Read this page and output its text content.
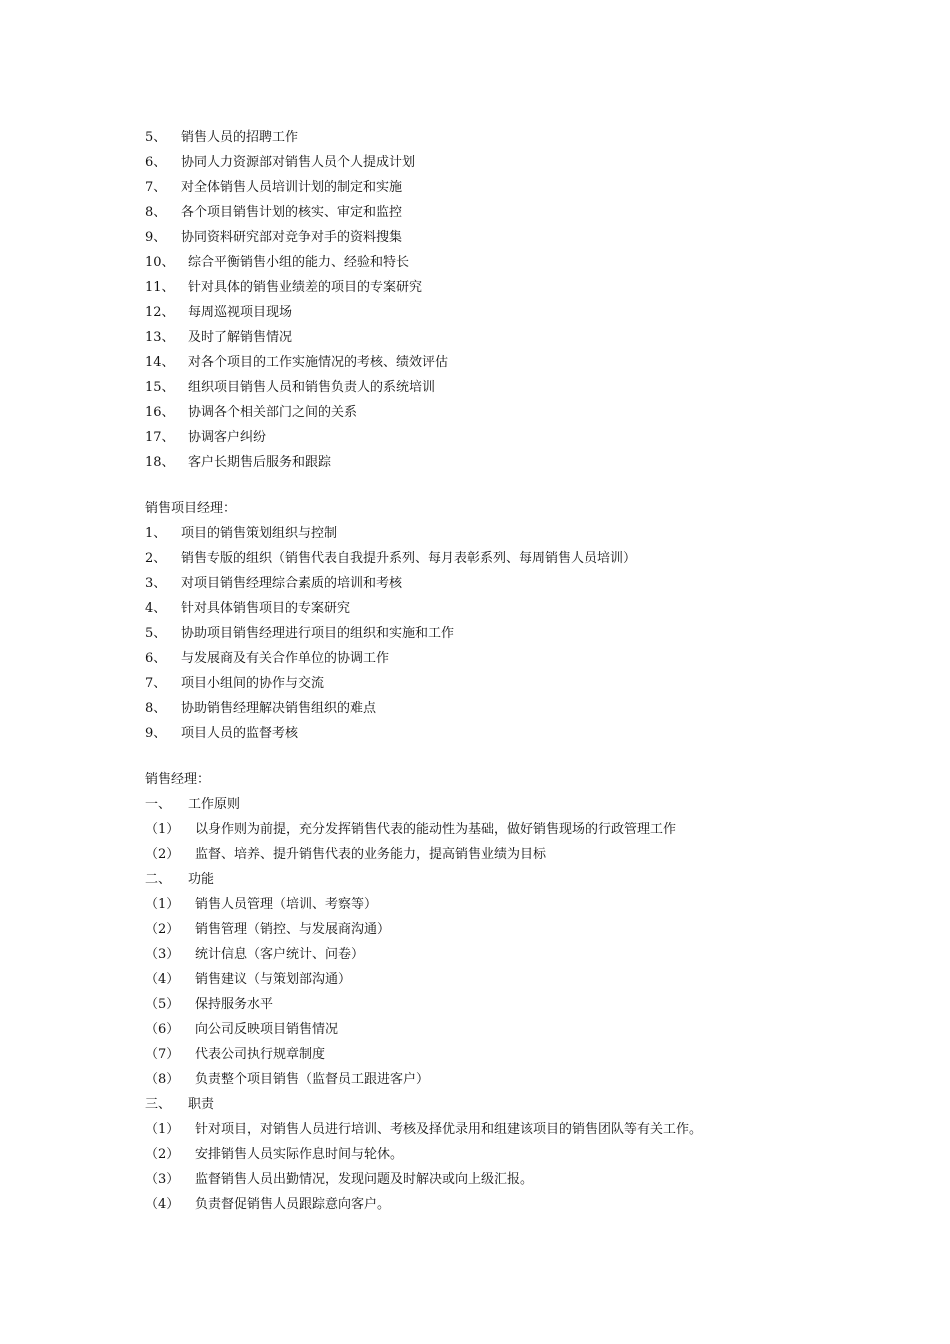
5、	销售人员的招聘工作
6、	协同人力资源部对销售人员个人提成计划
7、	对全体销售人员培训计划的制定和实施
8、	各个项目销售计划的核实、审定和监控
9、	协同资料研究部对竞争对手的资料搜集
10、	综合平衡销售小组的能力、经验和特长
11、	针对具体的销售业绩差的项目的专案研究
12、	每周巡视项目现场
13、	及时了解销售情况
14、	对各个项目的工作实施情况的考核、绩效评估
15、	组织项目销售人员和销售负责人的系统培训
16、	协调各个相关部门之间的关系
17、	协调客户纠纷
18、	客户长期售后服务和跟踪
销售项目经理：
1、	项目的销售策划组织与控制
2、	销售专版的组织（销售代表自我提升系列、每月表彰系列、每周销售人员培训）
3、	对项目销售经理综合素质的培训和考核
4、	针对具体销售项目的专案研究
5、	协助项目销售经理进行项目的组织和实施和工作
6、	与发展商及有关合作单位的协调工作
7、	项目小组间的协作与交流
8、	协助销售经理解决销售组织的难点
9、	项目人员的监督考核
销售经理：
一、	工作原则
（1）	以身作则为前提，充分发挥销售代表的能动性为基础，做好销售现场的行政管理工作
（2）	监督、培养、提升销售代表的业务能力，提高销售业绩为目标
二、	功能
（1）	销售人员管理（培训、考察等）
（2）	销售管理（销控、与发展商沟通）
（3）	统计信息（客户统计、问卷）
（4）	销售建议（与策划部沟通）
（5）	保持服务水平
（6）	向公司反映项目销售情况
（7）	代表公司执行规章制度
（8）	负责整个项目销售（监督员工跟进客户）
三、	职责
（1）	针对项目，对销售人员进行培训、考核及择优录用和组建该项目的销售团队等有关工作。
（2）	安排销售人员实际作息时间与轮休。
（3）	监督销售人员出勤情况，发现问题及时解决或向上级汇报。
（4）	负责督促销售人员跟踪意向客户。
